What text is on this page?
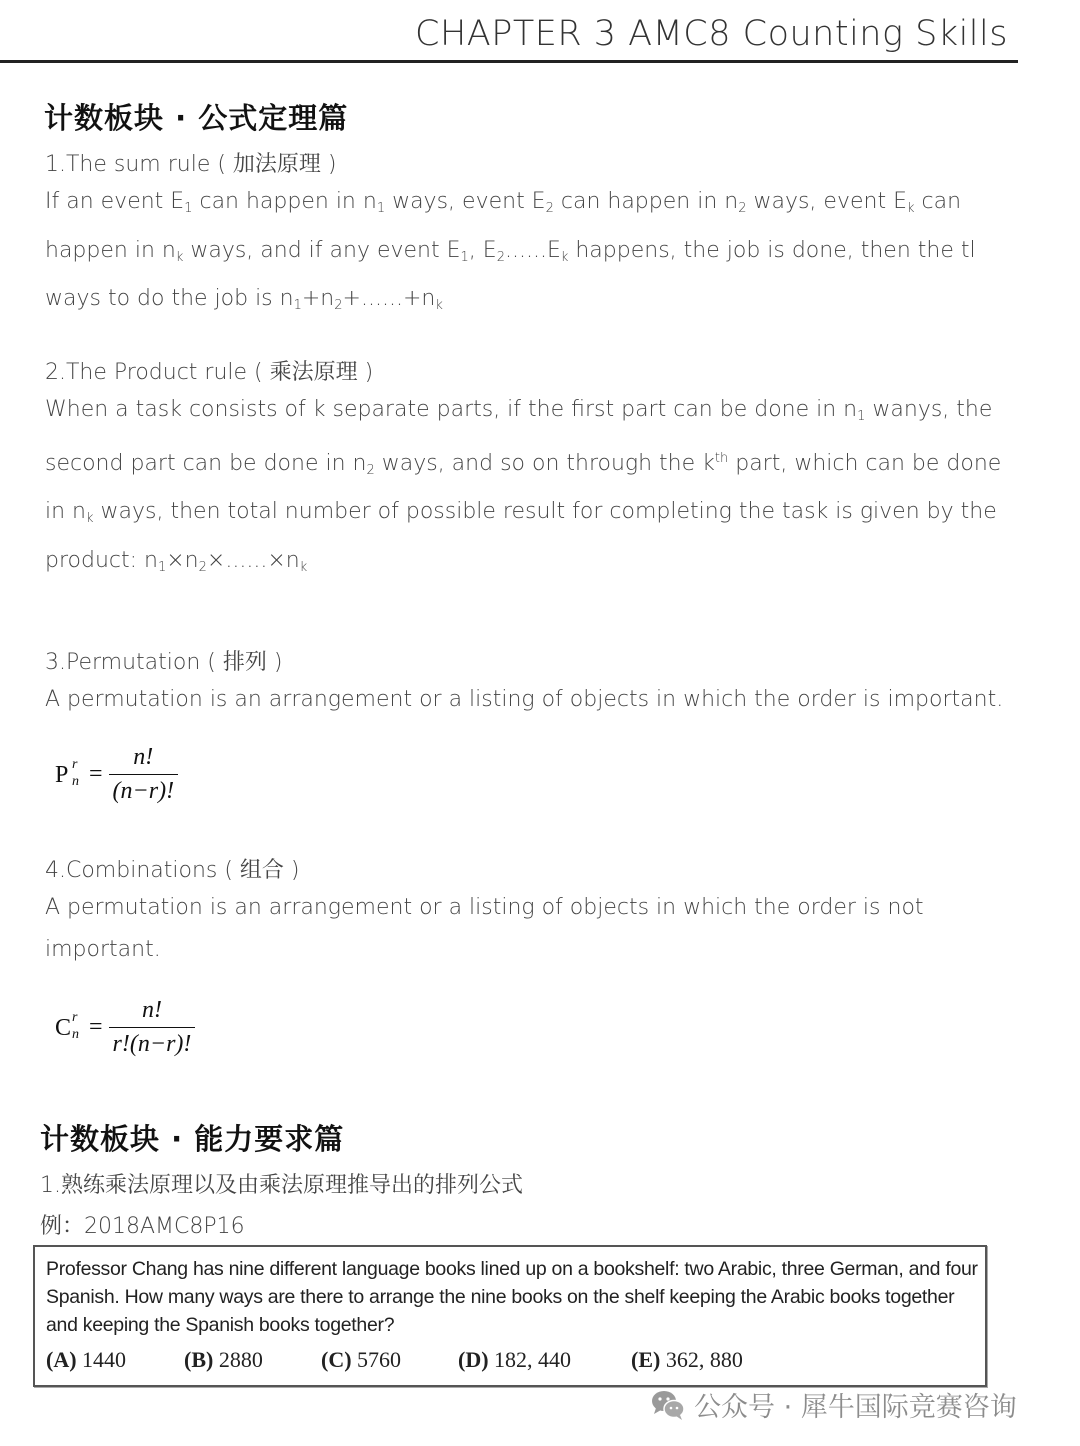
CHAPTER 3 AMC8 Counting Skills
计数板块 · 公式定理篇
1.The sum rule ( 加法原理 )
If an event $E_1$ can happen in $n_1$ ways, event $E_2$ can happen in $n_2$ ways, event $E_k$ can
happen in $n_k$ ways, and if any event $E_1$, $E_2......E_k$ happens, the job is done, then the tl
ways to do the job is $n_1+n_2+......+n_k$
2.The Product rule ( 乘法原理 )
When a task consists of k separate parts, if the first part can be done in $n_1$ wanys, the
second part can be done in $n_2$ ways, and so on through the $k^{th}$ part, which can be done
in $n_k$ ways, then total number of possible result for completing the task is given by the
product: $n_1\times n_2\times......\times n_k$
3.Permutation ( 排列 )
A permutation is an arrangement or a listing of objects in which the order is important.
P r
$n = \frac{n!}{(n-r)!}$
4.Combinations ( 组合 )
A permutation is an arrangement or a listing of objects in which the order is not
important.
C r
$n = \frac{n!}{r!(n-r)!}$
计数板块 · 能力要求篇
1.熟练乘法原理以及由乘法原理推导出的排列公式
例：2018AMC8P16
Professor Chang has nine different language books lined up on a bookshelf: two Arabic, three German, and four Spanish. How many ways are there to arrange the nine books on the shelf keeping the Arabic books together and keeping the Spanish books together?
(A) 1440	(B) 2880	(C) 5760	(D) 182, 440	(E) 362, 880
公众号 · 犀牛国际竞赛咨询
